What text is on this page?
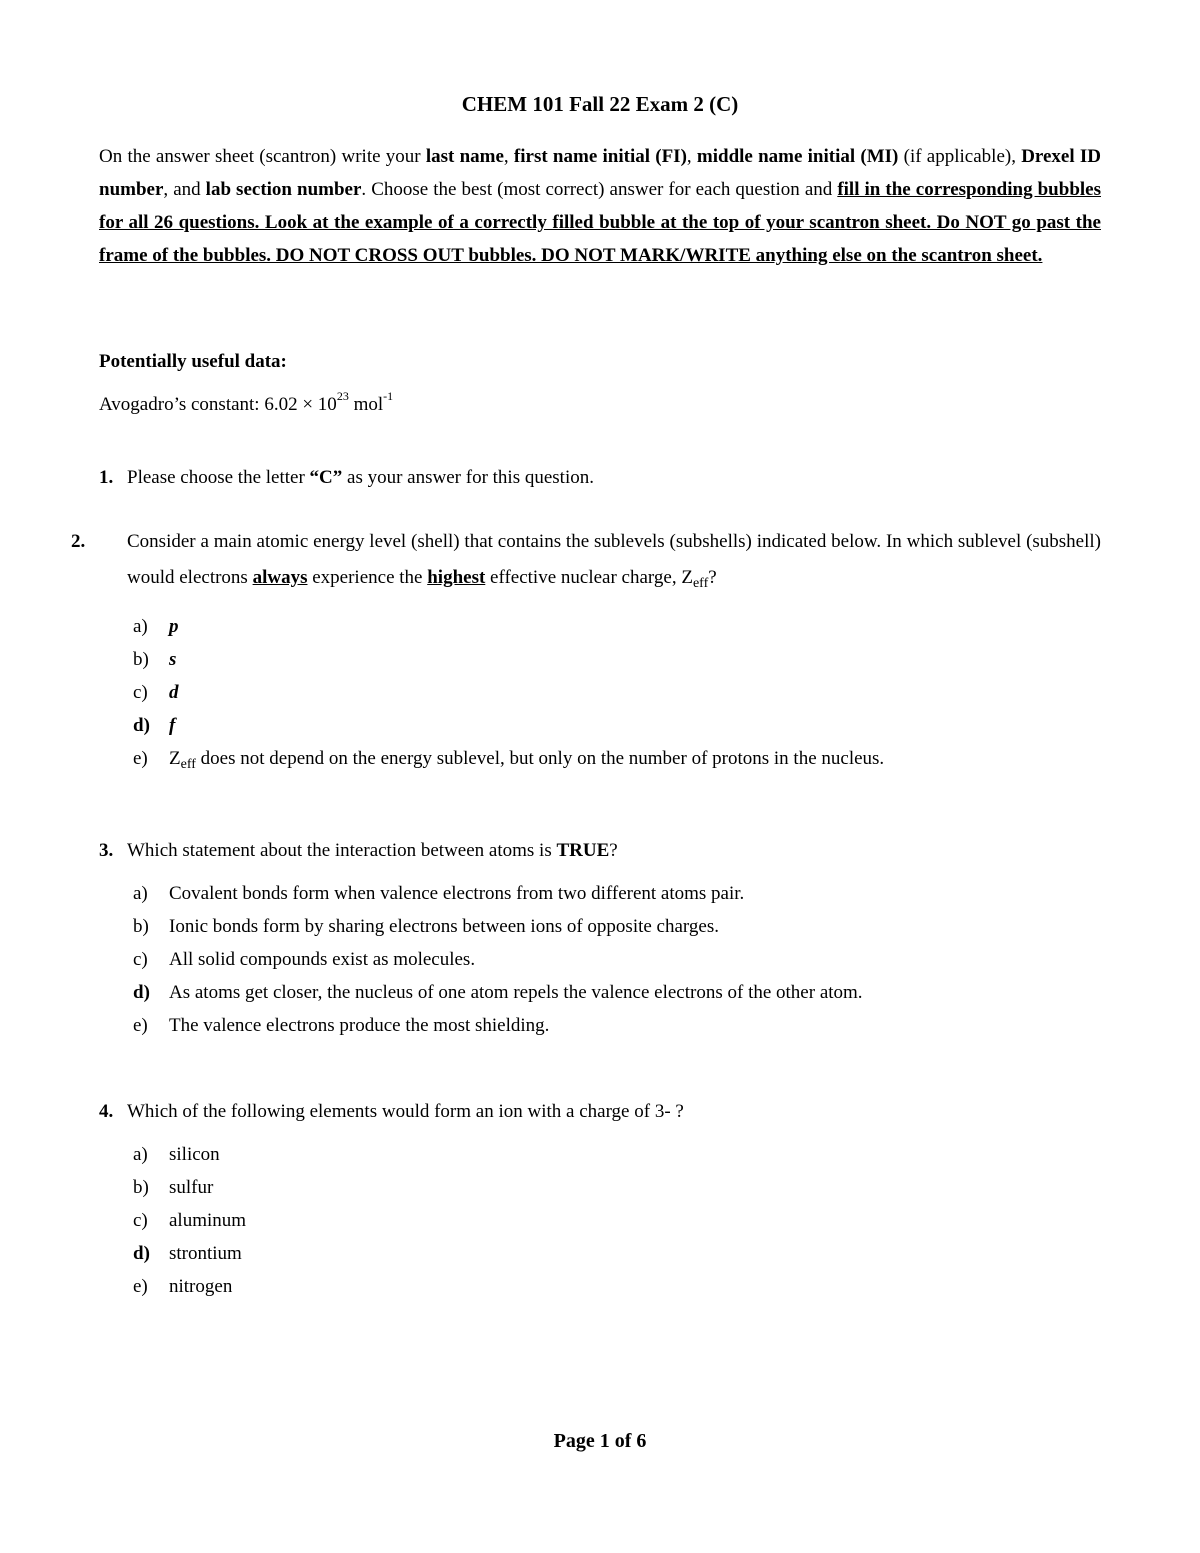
CHEM 101 Fall 22 Exam 2 (C)
On the answer sheet (scantron) write your last name, first name initial (FI), middle name initial (MI) (if applicable), Drexel ID number, and lab section number. Choose the best (most correct) answer for each question and fill in the corresponding bubbles for all 26 questions. Look at the example of a correctly filled bubble at the top of your scantron sheet. Do NOT go past the frame of the bubbles. DO NOT CROSS OUT bubbles. DO NOT MARK/WRITE anything else on the scantron sheet.
Potentially useful data:
Avogadro’s constant: $6.02 \times 10^{23}$ mol$^{-1}$
1. Please choose the letter “C” as your answer for this question.
2. Consider a main atomic energy level (shell) that contains the sublevels (subshells) indicated below. In which sublevel (subshell) would electrons always experience the highest effective nuclear charge, $Z_{eff}$?
a) p
b) s
c) d
d) f
e) $Z_{eff}$ does not depend on the energy sublevel, but only on the number of protons in the nucleus.
3. Which statement about the interaction between atoms is TRUE?
a) Covalent bonds form when valence electrons from two different atoms pair.
b) Ionic bonds form by sharing electrons between ions of opposite charges.
c) All solid compounds exist as molecules.
d) As atoms get closer, the nucleus of one atom repels the valence electrons of the other atom.
e) The valence electrons produce the most shielding.
4. Which of the following elements would form an ion with a charge of 3- ?
a) silicon
b) sulfur
c) aluminum
d) strontium
e) nitrogen
Page 1 of 6
